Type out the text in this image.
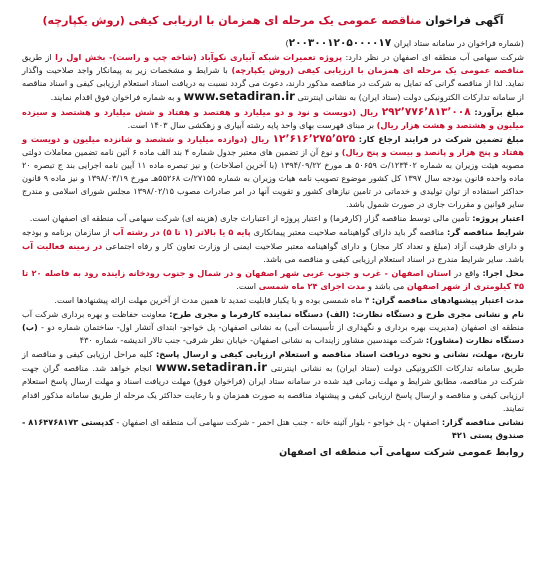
آگهی فراخوان مناقصه عمومی یک مرحله ای همزمان با ارزیابی کیفی (روش یکپارچه)
(شماره فراخوان در سامانه ستاد ایران ۲۰۰۳۰۰۱۲۰۵۰۰۰۰۱۷)
شرکت سهامی آب منطقه ای اصفهان در نظر دارد: پروژه تعمیرات شبکه آبیاری نکوآباد (شاخه چپ و راست)- بخش اول را از طریق مناقصه عمومی یک مرحله ای همزمان با ارزیابی کیفی (روش یکپارچه) با شرایط و مشخصات زیر به پیمانکار واجد صلاحیت واگذار نماید. لذا از مناقصه گرانی که تمایل به شرکت در مناقصه مذکور دارند، دعوت می گردد نسبت به دریافت اسناد استعلام ارزیابی کیفی و اسناد مناقصه از سامانه تدارکات الکترونیکی دولت (ستاد ایران) به نشانی اینترنتی www.setadiran.ir و به شماره فراخوان فوق اقدام نمایند.
مبلغ برآورد: ۲۹۲٬۷۷۶٬۸۱۳٬۰۰۸ ریال (دویست و نود و دو میلیارد و هفتصد و هفتاد و شش میلیارد و هشتصد و سیزده میلیون و هشتصد و هشت هزار ریال) بر مبنای فهرست بهای واحد پایه رشته آبیاری و زهکشی سال ۱۴۰۳ است.
مبلغ تضمین شرکت در فرایند ارجاع کار: ۱۲٬۶۱۶٬۲۷۵٬۵۲۵ ریال (دوازده میلیارد و ششصد و شانزده میلیون و دویست و هفتاد و پنج هزار و پانصد و بیست و پنج ریال) و نوع آن از تضمین های معتبر جدول شماره ۴ بند الف ماده ۶ آئین نامه تضمین معاملات دولتی مصوبه هیئت وزیران به شماره ۱۲۳۴۰۲/ت ۵۰۶۵۹ هـ مورخ ۱۳۹۴/۰۹/۲۲ (با آخرین اصلاحات) و نیز تبصره ماده ۱۱ آیین نامه اجرایی بند ج تبصره ۲۰ ماده واحده قانون بودجه سال ۱۳۹۷ کل کشور موضوع تصویب نامه هیات وزیران به شماره ۲۷۱۵۵/ت ۵۵۲۶۸هـ مورخ ۱۳۹۸/۰۳/۱۹ و نیز ماده ۹ قانون حداکثر استفاده از توان تولیدی و خدماتی در تامین نیازهای کشور و تقویت آنها در امر صادرات مصوب ۱۳۹۸/۰۲/۱۵ مجلس شورای اسلامی و مندرج سایر قوانین و مقررات جاری در صورت شمول باشد.
اعتبار پروژه: تأمین مالی توسط مناقصه گزار (کارفرما) و اعتبار پروژه از اعتبارات جاری (هزینه ای) شرکت سهامی آب منطقه ای اصفهان است.
شرایط مناقصه گر: مناقصه گر باید دارای گواهینامه صلاحیت معتبر پیمانکاری پایه ۵ یا بالاتر (۱ تا ۵) در رشته آب از سازمان برنامه و بودجه و دارای ظرفیت آزاد (مبلغ و تعداد کار مجاز) و دارای گواهینامه معتبر صلاحیت ایمنی از وزارت تعاون کار و رفاه اجتماعی در زمینه فعالیت آب باشد. سایر شرایط مندرج در اسناد استعلام ارزیابی کیفی و مناقصه می باشد.
محل اجرا: واقع در استان اصفهان - غرب و جنوب غربی شهر اصفهان و در شمال و جنوب رودخانه زاینده رود به فاصله ۲۰ تا ۴۵ کیلومتری از شهر اصفهان می باشد و مدت اجرای ۲۴ ماه شمسی است.
مدت اعتبار پیشنهادهای مناقصه گران: ۳ ماه شمسی بوده و با یکبار قابلیت تمدید تا همین مدت از آخرین مهلت ارائه پیشنهادها است.
نام و نشانی مجری طرح و دستگاه نظارت: (الف) دستگاه نماینده کارفرما و مجری طرح: معاونت حفاظت و بهره برداری شرکت آب منطقه ای اصفهان (مدیریت بهره برداری و نگهداری از تأسیسات آبی) به نشانی اصفهان- پل خواجو- ابتدای آتشار اول- ساختمان شماره دو - (ب) دستگاه نظارت (مشاور): شرکت مهندسین مشاور زاینداب به نشانی اصفهان- خیابان نظر شرقی- جنب تالار اندیشه- شماره ۴۳۰
تاریخ، مهلت، نشانی و نحوه دریافت اسناد مناقصه و استعلام ارزیابی کیفی و ارسال پاسخ: کلیه مراحل ارزیابی کیفی و مناقصه از طریق سامانه تدارکات الکترونیکی دولت (ستاد ایران) به نشانی اینترنتی www.setadiran.ir انجام خواهد شد. مناقصه گران جهت شرکت در مناقصه، مطابق شرایط و مهلت زمانی قید شده در سامانه ستاد ایران (فراخوان فوق) مهلت دریافت اسناد و مهلت ارسال پاسخ استعلام ارزیابی کیفی و مناقصه و ارسال پاسخ ارزیابی کیفی و پیشنهاد مناقصه به صورت همزمان و با رعایت حداکثر یک مرحله از طریق سامانه مذکور اقدام نمایند.
نشانی مناقصه گزار: اصفهان - پل خواجو - بلوار آئینه خانه - جنب هتل احمر - شرکت سهامی آب منطقه ای اصفهان - کدپستی ۸۱۶۴۷۶۸۱۷۳ - صندوق پستی ۴۲۱
روابط عمومی شرکت سهامی آب منطقه ای اصفهان
